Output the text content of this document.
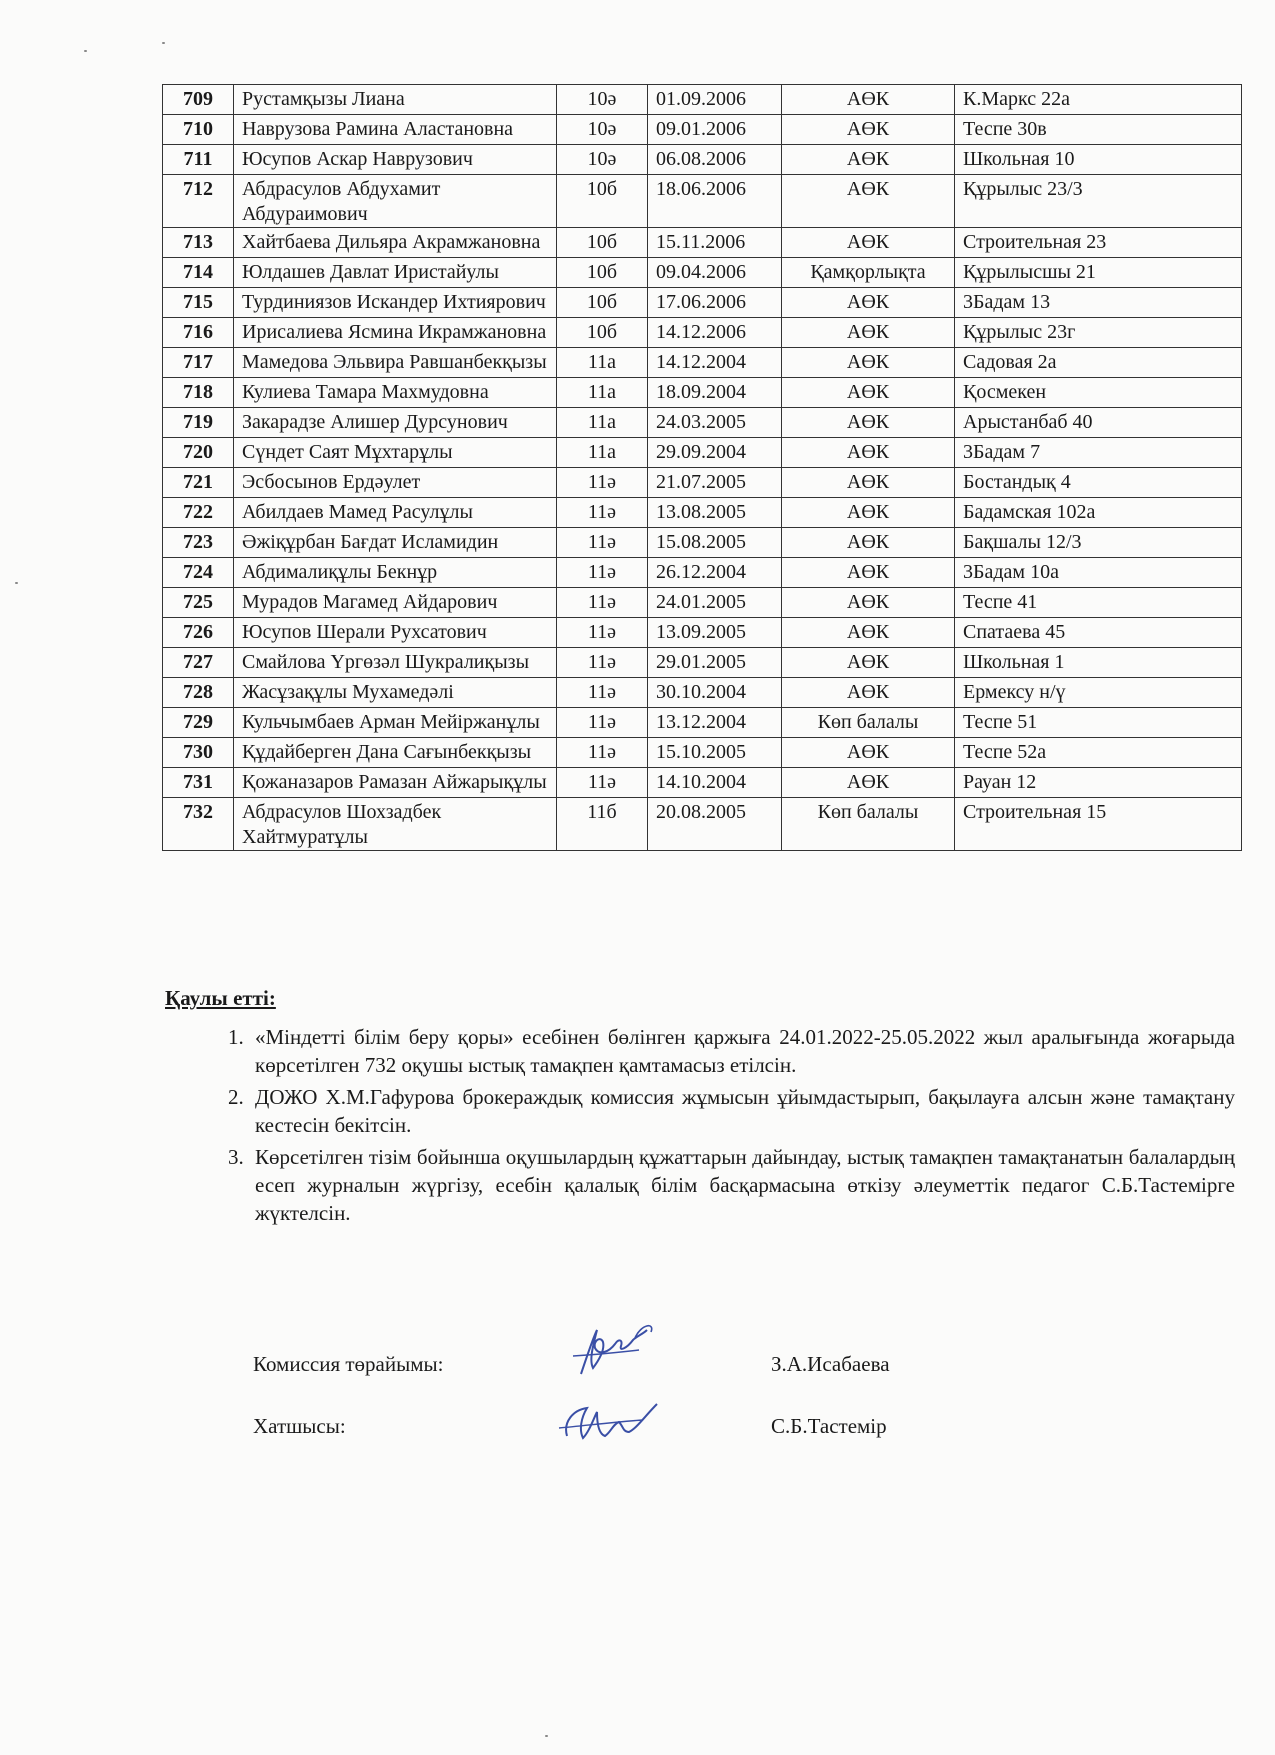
709	Рустамқызы Лиана	10ә	01.09.2006	АӨК	К.Маркс 22а
710	Наврузова Рамина Аластановна	10ә	09.01.2006	АӨК	Теспе 30в
711	Юсупов Аскар Наврузович	10ә	06.08.2006	АӨК	Школьная 10
712	Абдрасулов Абдухамит Абдураимович	10б	18.06.2006	АӨК	Құрылыс 23/3
713	Хайтбаева Дильяра Акрамжановна	10б	15.11.2006	АӨК	Строительная 23
714	Юлдашев Давлат Иристайулы	10б	09.04.2006	Қамқорлықта	Құрылысшы 21
715	Турдиниязов Искандер Ихтиярович	10б	17.06.2006	АӨК	3Бадам 13
716	Ирисалиева Ясмина Икрамжановна	10б	14.12.2006	АӨК	Құрылыс 23г
717	Мамедова Эльвира Равшанбекқызы	11а	14.12.2004	АӨК	Садовая 2а
718	Кулиева Тамара Махмудовна	11а	18.09.2004	АӨК	Қосмекен
719	Закарадзе Алишер Дурсунович	11а	24.03.2005	АӨК	Арыстанбаб 40
720	Сүндет Саят Мұхтарұлы	11а	29.09.2004	АӨК	3Бадам 7
721	Эсбосынов Ердәулет	11ә	21.07.2005	АӨК	Бостандық 4
722	Абилдаев Мамед Расулұлы	11ә	13.08.2005	АӨК	Бадамская 102а
723	Әжіқұрбан Бағдат Исламидин	11ә	15.08.2005	АӨК	Бақшалы 12/3
724	Абдималиқұлы Бекнұр	11ә	26.12.2004	АӨК	3Бадам 10а
725	Мурадов Магамед Айдарович	11ә	24.01.2005	АӨК	Теспе 41
726	Юсупов Шерали Рухсатович	11ә	13.09.2005	АӨК	Спатаева 45
727	Смайлова Үргөзәл Шукралиқызы	11ә	29.01.2005	АӨК	Школьная 1
728	Жасұзақұлы Мухамедәлі	11ә	30.10.2004	АӨК	Ермексу н/ү
729	Кульчымбаев Арман Мейіржанұлы	11ә	13.12.2004	Көп балалы	Теспе 51
730	Құдайберген Дана Сағынбекқызы	11ә	15.10.2005	АӨК	Теспе 52а
731	Қожаназаров Рамазан Айжарықұлы	11ә	14.10.2004	АӨК	Рауан 12
732	Абдрасулов Шохзадбек Хайтмуратұлы	11б	20.08.2005	Көп балалы	Строительная 15
Қаулы етті:
1. «Міндетті білім беру қоры» есебінен бөлінген қаржыға 24.01.2022-25.05.2022 жыл аралығында жоғарыда көрсетілген 732 оқушы ыстық тамақпен қамтамасыз етілсін.
2. ДОЖО Х.М.Гафурова брокераждық комиссия жұмысын ұйымдастырып, бақылауға алсын және тамақтану кестесін бекітсін.
3. Көрсетілген тізім бойынша оқушылардың құжаттарын дайындау, ыстық тамақпен тамақтанатын балалардың есеп журналын жүргізу, есебін қалалық білім басқармасына өткізу әлеуметтік педагог С.Б.Тастемірге жүктелсін.
Комиссия төрайымы:	З.А.Исабаева
Хатшысы:	С.Б.Тастемір
